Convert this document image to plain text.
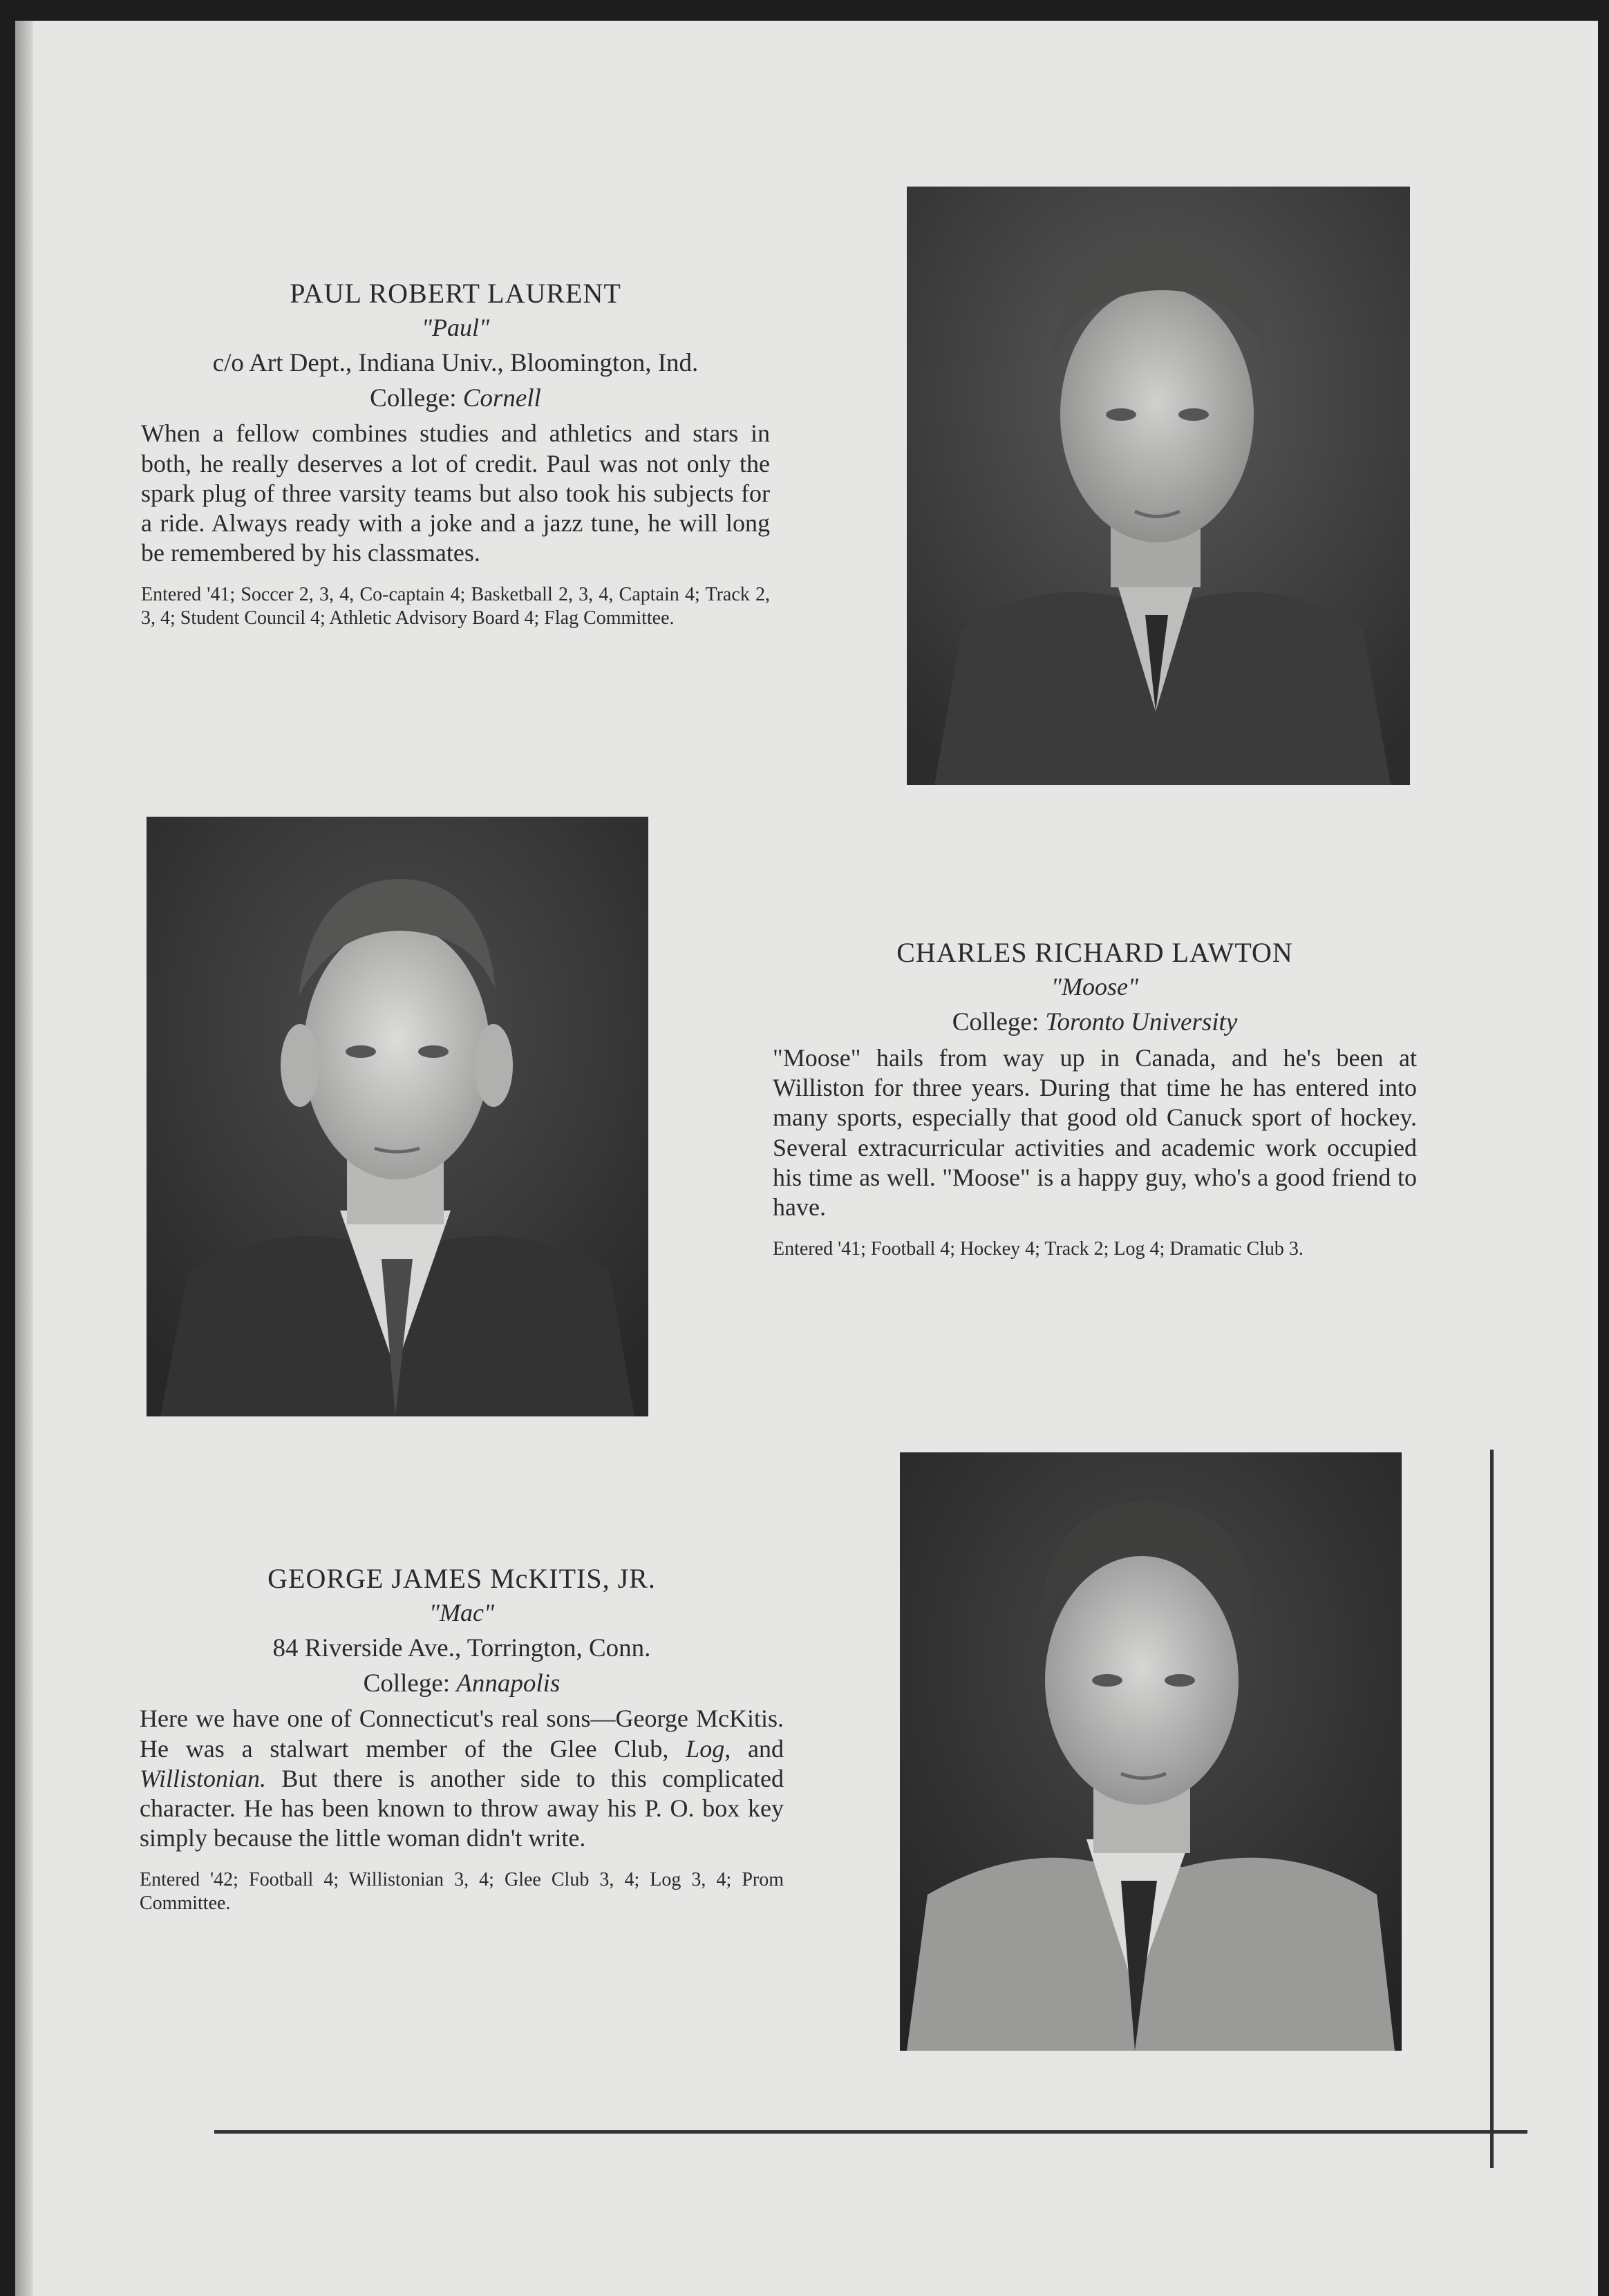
PAUL ROBERT LAURENT

"Paul"

c/o Art Dept., Indiana Univ., Bloomington, Ind.

College: Cornell

When a fellow combines studies and athletics and stars in both, he really deserves a lot of credit. Paul was not only the spark plug of three varsity teams but also took his subjects for a ride. Always ready with a joke and a jazz tune, he will long be remembered by his classmates.

Entered '41; Soccer 2, 3, 4, Co-captain 4; Basketball 2, 3, 4, Captain 4; Track 2, 3, 4; Student Council 4; Athletic Advisory Board 4; Flag Committee.

CHARLES RICHARD LAWTON

"Moose"

College: Toronto University

"Moose" hails from way up in Canada, and he's been at Williston for three years. During that time he has entered into many sports, especially that good old Canuck sport of hockey. Several extracurricular activities and academic work occupied his time as well. "Moose" is a happy guy, who's a good friend to have.

Entered '41; Football 4; Hockey 4; Track 2; Log 4; Dramatic Club 3.

GEORGE JAMES McKITIS, JR.

"Mac"

84 Riverside Ave., Torrington, Conn.

College: Annapolis

Here we have one of Connecticut's real sons—George McKitis. He was a stalwart member of the Glee Club, Log, and Willistonian. But there is another side to this complicated character. He has been known to throw away his P. O. box key simply because the little woman didn't write.

Entered '42; Football 4; Willistonian 3, 4; Glee Club 3, 4; Log 3, 4; Prom Committee.
